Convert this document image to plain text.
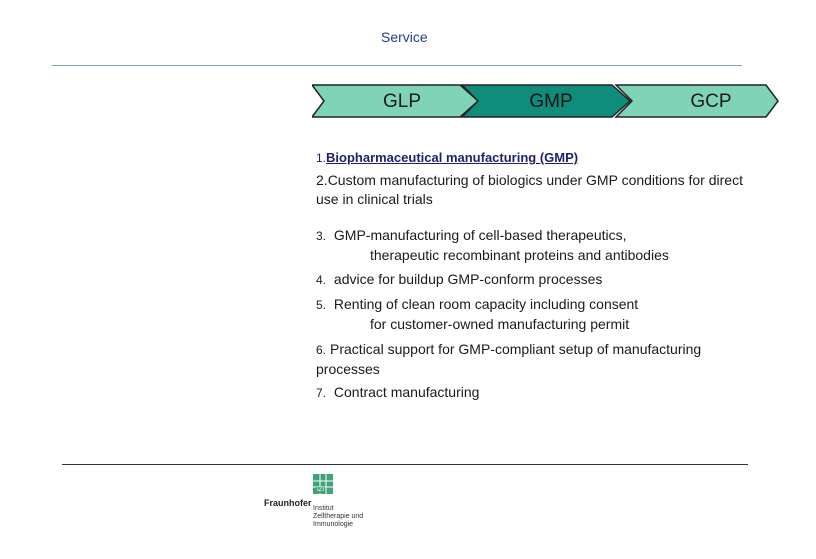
Service
GLP	GMP	GCP
1.Biopharmaceutical manufacturing (GMP)
2.Custom manufacturing of biologics under GMP conditions for direct
use in clinical trials
3. GMP-manufacturing of cell-based therapeutics,
therapeutic recombinant proteins and antibodies
4. advice for buildup GMP-conform processes
5. Renting of clean room capacity including consent
for customer-owned manufacturing permit
6. Practical support for GMP-compliant setup of manufacturing
processes
7. Contract manufacturing
IZI
Fraunhofer
Institut
Zelltherapie und
Immunologie
